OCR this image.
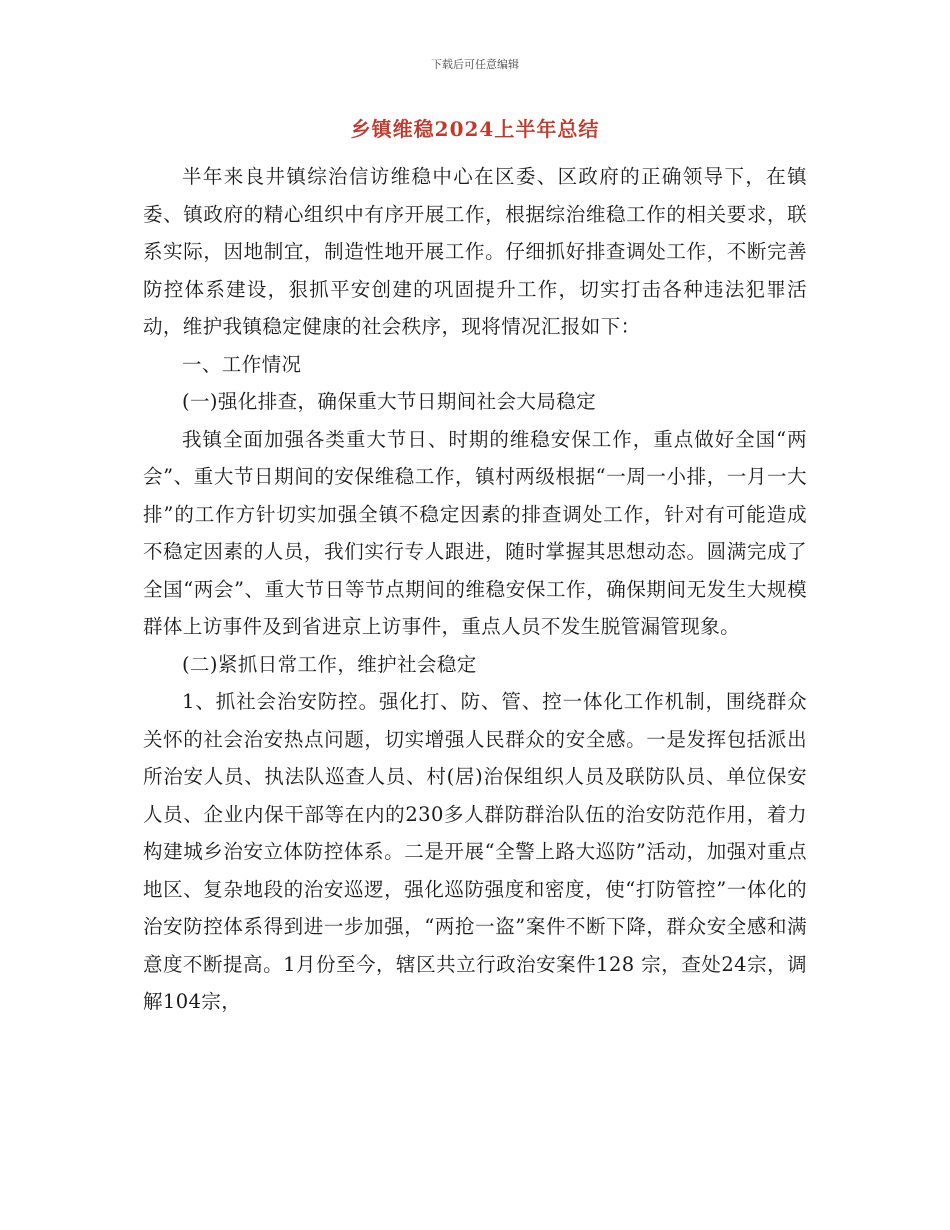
下载后可任意编辑
乡镇维稳2024上半年总结

半年来良井镇综治信访维稳中心在区委、区政府的正确领导下，在镇委、镇政府的精心组织中有序开展工作，根据综治维稳工作的相关要求，联系实际，因地制宜，制造性地开展工作。仔细抓好排查调处工作，不断完善防控体系建设，狠抓平安创建的巩固提升工作，切实打击各种违法犯罪活动，维护我镇稳定健康的社会秩序，现将情况汇报如下：

一、工作情况

(一)强化排查，确保重大节日期间社会大局稳定

我镇全面加强各类重大节日、时期的维稳安保工作，重点做好全国“两会”、重大节日期间的安保维稳工作，镇村两级根据“一周一小排，一月一大排”的工作方针切实加强全镇不稳定因素的排查调处工作，针对有可能造成不稳定因素的人员，我们实行专人跟进，随时掌握其思想动态。圆满完成了全国“两会”、重大节日等节点期间的维稳安保工作，确保期间无发生大规模群体上访事件及到省进京上访事件，重点人员不发生脱管漏管现象。

(二)紧抓日常工作，维护社会稳定

1、抓社会治安防控。强化打、防、管、控一体化工作机制，围绕群众关怀的社会治安热点问题，切实增强人民群众的安全感。一是发挥包括派出所治安人员、执法队巡查人员、村(居)治保组织人员及联防队员、单位保安人员、企业内保干部等在内的230多人群防群治队伍的治安防范作用，着力构建城乡治安立体防控体系。二是开展“全警上路大巡防”活动，加强对重点地区、复杂地段的治安巡逻，强化巡防强度和密度，使“打防管控”一体化的治安防控体系得到进一步加强，“两抢一盗”案件不断下降，群众安全感和满意度不断提高。1月份至今，辖区共立行政治安案件128 宗，查处24宗，调解104宗，
